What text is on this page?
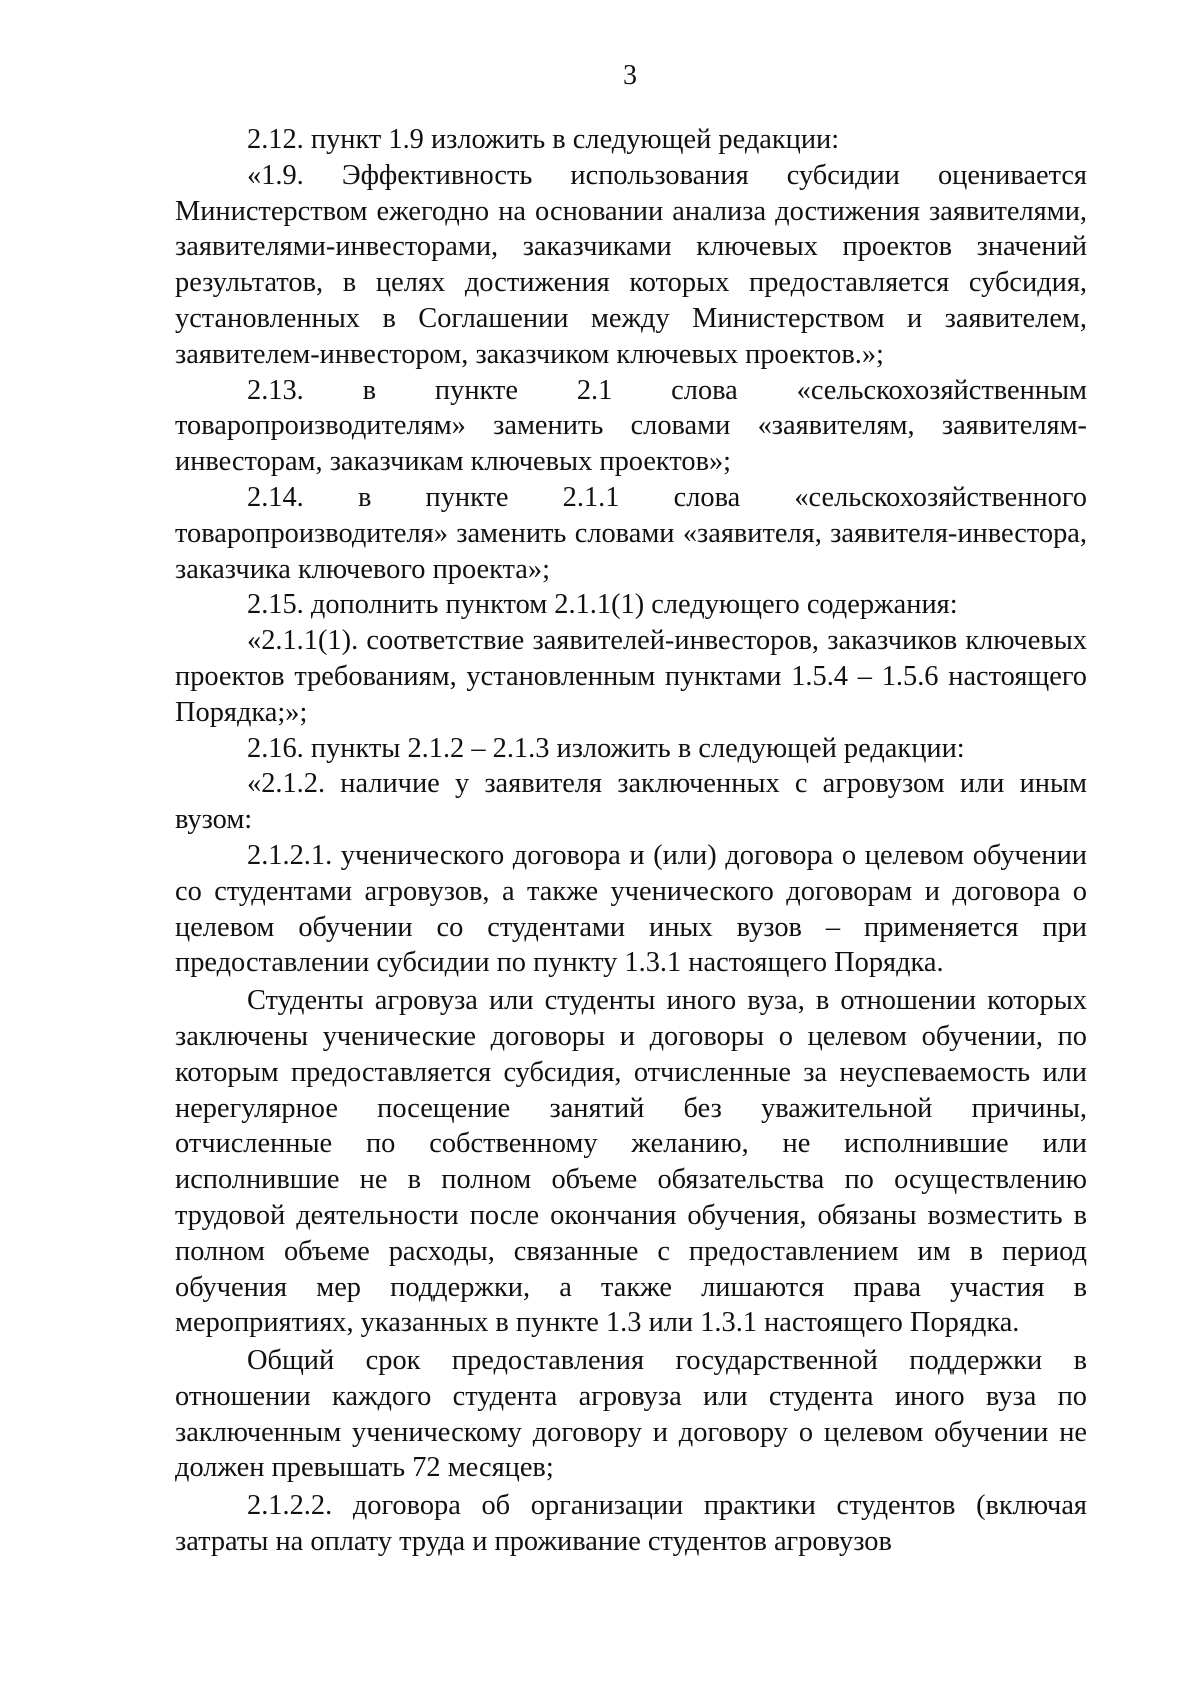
3

2.12. пункт 1.9 изложить в следующей редакции:

«1.9. Эффективность использования субсидии оценивается Министерством ежегодно на основании анализа достижения заявителями, заявителями-инвесторами, заказчиками ключевых проектов значений результатов, в целях достижения которых предоставляется субсидия, установленных в Соглашении между Министерством и заявителем, заявителем-инвестором, заказчиком ключевых проектов.»;

2.13. в пункте 2.1 слова «сельскохозяйственным товаропроизводителям» заменить словами «заявителям, заявителям-инвесторам, заказчикам ключевых проектов»;

2.14. в пункте 2.1.1 слова «сельскохозяйственного товаропроизводителя» заменить словами «заявителя, заявителя-инвестора, заказчика ключевого проекта»;

2.15. дополнить пунктом 2.1.1(1) следующего содержания:

«2.1.1(1). соответствие заявителей-инвесторов, заказчиков ключевых проектов требованиям, установленным пунктами 1.5.4 – 1.5.6 настоящего Порядка;»;

2.16. пункты 2.1.2 – 2.1.3 изложить в следующей редакции:

«2.1.2. наличие у заявителя заключенных с агровузом или иным вузом:

2.1.2.1. ученического договора и (или) договора о целевом обучении со студентами агровузов, а также ученического договорам и договора о целевом обучении со студентами иных вузов – применяется при предоставлении субсидии по пункту 1.3.1 настоящего Порядка.

Студенты агровуза или студенты иного вуза, в отношении которых заключены ученические договоры и договоры о целевом обучении, по которым предоставляется субсидия, отчисленные за неуспеваемость или нерегулярное посещение занятий без уважительной причины, отчисленные по собственному желанию, не исполнившие или исполнившие не в полном объеме обязательства по осуществлению трудовой деятельности после окончания обучения, обязаны возместить в полном объеме расходы, связанные с предоставлением им в период обучения мер поддержки, а также лишаются права участия в мероприятиях, указанных в пункте 1.3 или 1.3.1 настоящего Порядка.

Общий срок предоставления государственной поддержки в отношении каждого студента агровуза или студента иного вуза по заключенным ученическому договору и договору о целевом обучении не должен превышать 72 месяцев;

2.1.2.2. договора об организации практики студентов (включая затраты на оплату труда и проживание студентов агровузов
